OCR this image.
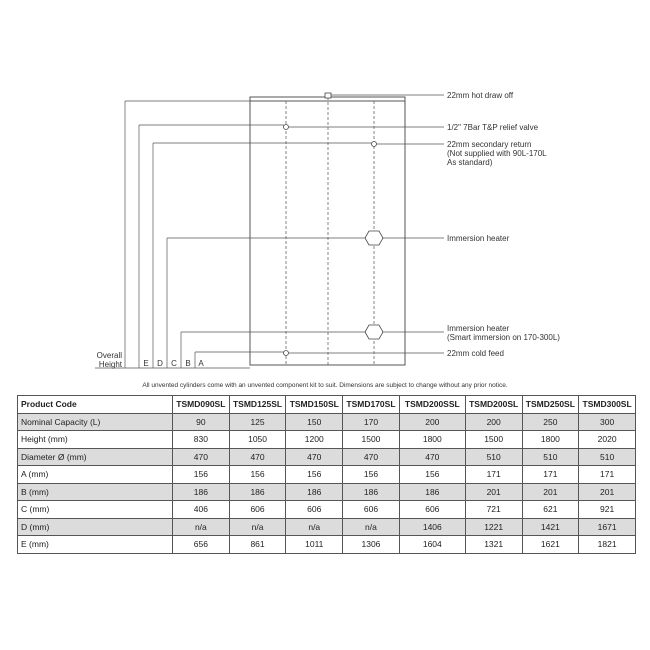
Overall
Height	E D C B A
22mm hot draw off
1/2" 7Bar T&P relief valve
22mm secondary return
(Not supplied with 90L-170L
As standard)
Immersion heater
Immersion heater
(Smart immersion on 170-300L)
22mm cold feed
All unvented cylinders come with an unvented component kit to suit. Dimensions are subject to change without any prior notice.
Product Code	TSMD090SL	TSMD125SL	TSMD150SL	TSMD170SL	TSMD200SSL	TSMD200SL	TSMD250SL	TSMD300SL
Nominal Capacity (L)	90	125	150	170	200	200	250	300
Height (mm)	830	1050	1200	1500	1800	1500	1800	2020
Diameter Ø (mm)	470	470	470	470	470	510	510	510
A (mm)	156	156	156	156	156	171	171	171
B (mm)	186	186	186	186	186	201	201	201
C (mm)	406	606	606	606	606	721	621	921
D (mm)	n/a	n/a	n/a	n/a	1406	1221	1421	1671
E (mm)	656	861	1011	1306	1604	1321	1621	1821
